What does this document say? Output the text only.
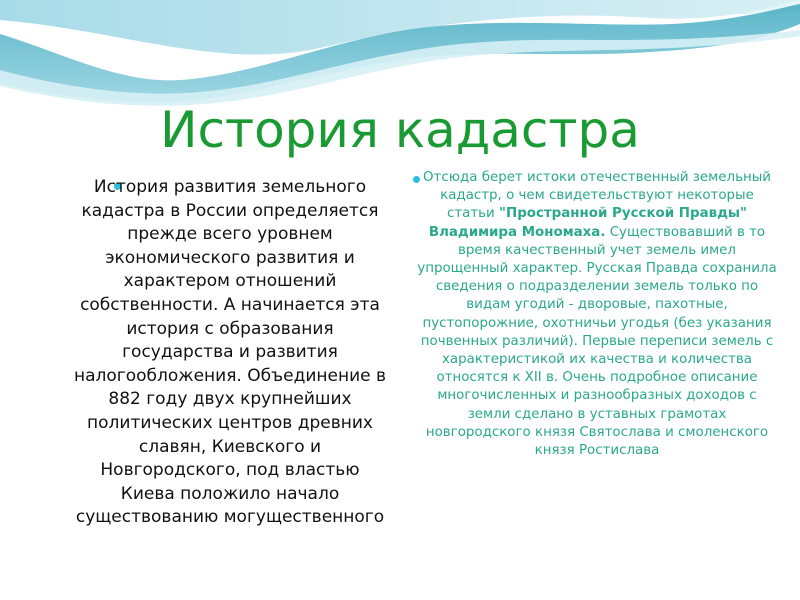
История кадастра
История развития земельного кадастра в России определяется прежде всего уровнем экономического развития и характером отношений собственности. А начинается эта история с образования государства и развития налогообложения. Объединение в 882 году двух крупнейших политических центров древних славян, Киевского и Новгородского, под властью Киева положило начало существованию могущественного
Отсюда берет истоки отечественный земельный кадастр, о чем свидетельствуют некоторые статьи "Пространной Русской Правды" Владимира Мономаха. Существовавший в то время качественный учет земель имел упрощенный характер. Русская Правда сохранила сведения о подразделении земель только по видам угодий - дворовые, пахотные, пустопорожние, охотничьи угодья (без указания почвенных различий). Первые переписи земель с характеристикой их качества и количества относятся к XII в. Очень подробное описание многочисленных и разнообразных доходов с земли сделано в уставных грамотах новгородского князя Святослава и смоленского князя Ростислава
